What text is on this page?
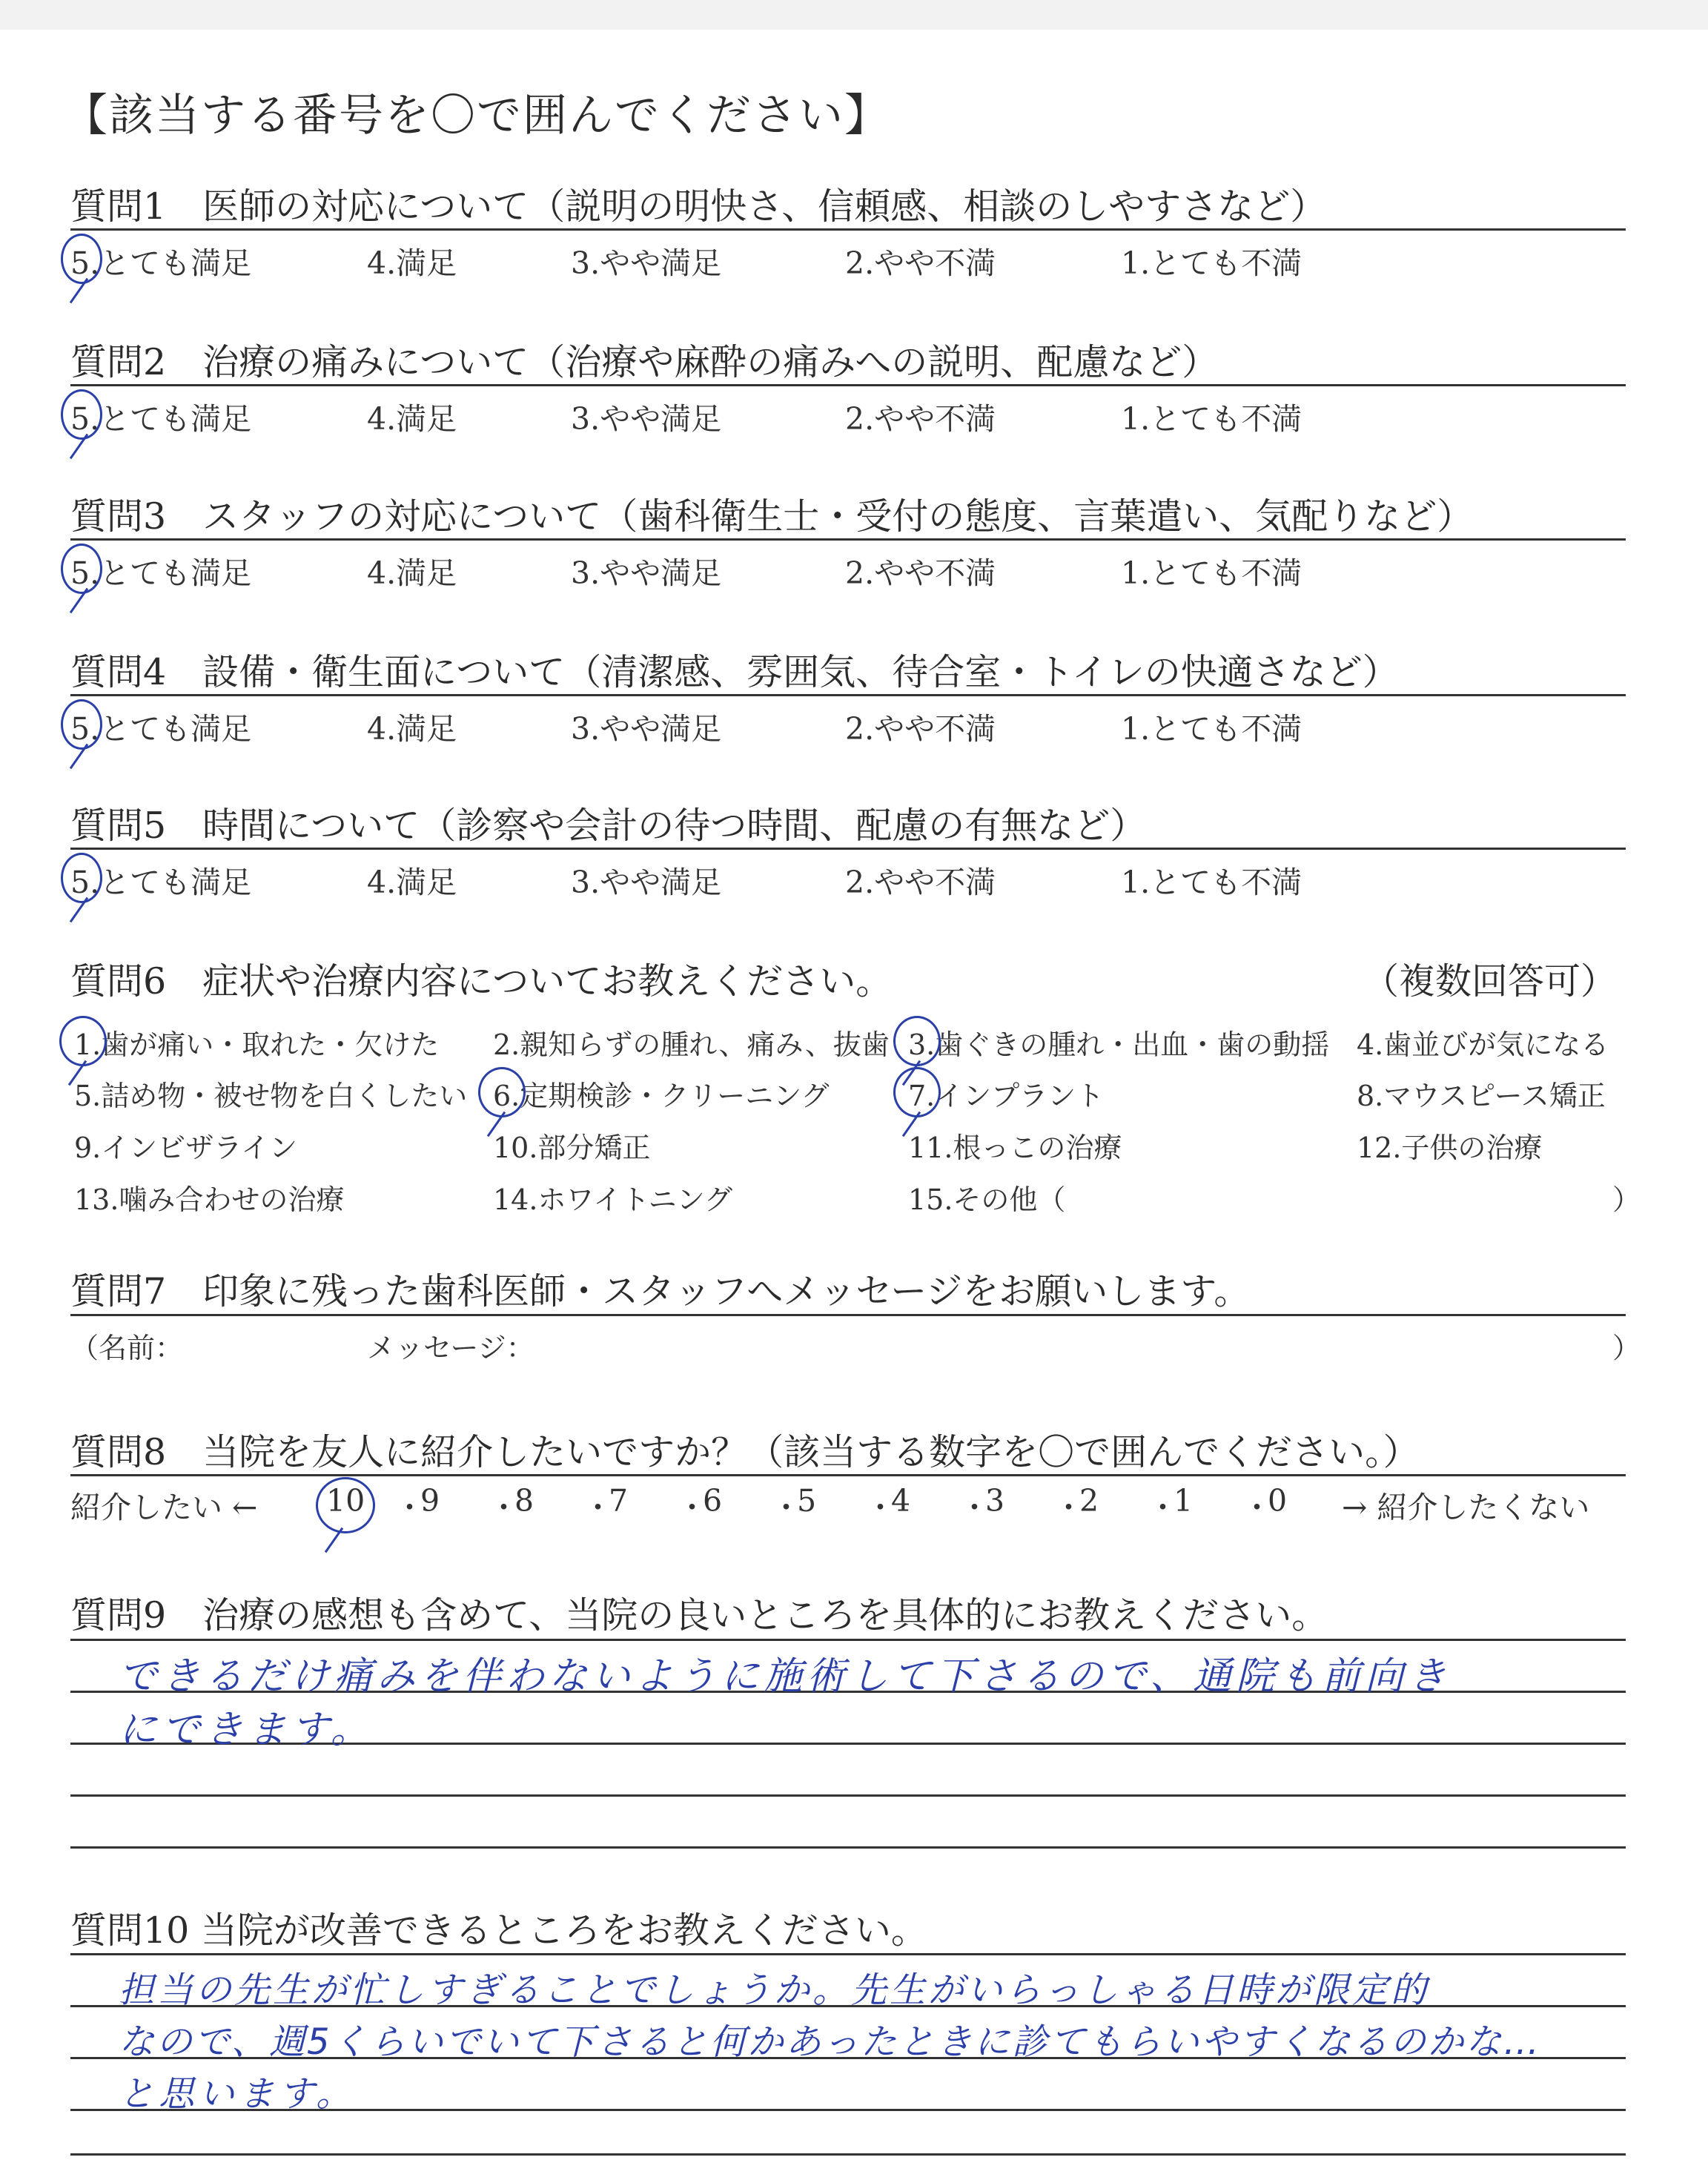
【該当する番号を〇で囲んでください】
質問1　医師の対応について（説明の明快さ、信頼感、相談のしやすさなど）
5.とても満足	4.満足	3.やや満足	2.やや不満	1.とても不満
質問2　治療の痛みについて（治療や麻酔の痛みへの説明、配慮など）
5.とても満足	4.満足	3.やや満足	2.やや不満	1.とても不満
質問3　スタッフの対応について（歯科衛生士・受付の態度、言葉遣い、気配りなど）
5.とても満足	4.満足	3.やや満足	2.やや不満	1.とても不満
質問4　設備・衛生面について（清潔感、雰囲気、待合室・トイレの快適さなど）
5.とても満足	4.満足	3.やや満足	2.やや不満	1.とても不満
質問5　時間について（診察や会計の待つ時間、配慮の有無など）
5.とても満足	4.満足	3.やや満足	2.やや不満	1.とても不満
質問6　症状や治療内容についてお教えください。	（複数回答可）
1.歯が痛い・取れた・欠けた 2.親知らずの腫れ、痛み、抜歯 3.歯ぐきの腫れ・出血・歯の動揺 4.歯並びが気になる
5.詰め物・被せ物を白くしたい 6.定期検診・クリーニング	7.インプラント	8.マウスピース矯正
9.インビザライン	10.部分矯正	11.根っこの治療	12.子供の治療
13.噛み合わせの治療	14.ホワイトニング	15.その他（	）
質問7　印象に残った歯科医師・スタッフへメッセージをお願いします。
（名前：	メッセージ：	）
質問8　当院を友人に紹介したいですか？（該当する数字を〇で囲んでください。）
紹介したい ← 10 ・
9 ・
8 ・
7 ・
6 ・
5 ・
4 ・
3 ・
2 ・
1 ・
0 → 紹介したくない
質問9　治療の感想も含めて、当院の良いところを具体的にお教えください。
できるだけ痛みを伴わないように施術して下さるので、通院も前向き
にできます。
質問10 当院が改善できるところをお教えください。
担当の先生が忙しすぎることでしょうか。先生がいらっしゃる日時が限定的
なので、週5くらいでいて下さると何かあったときに診てもらいやすくなるのかな…
と思います。
